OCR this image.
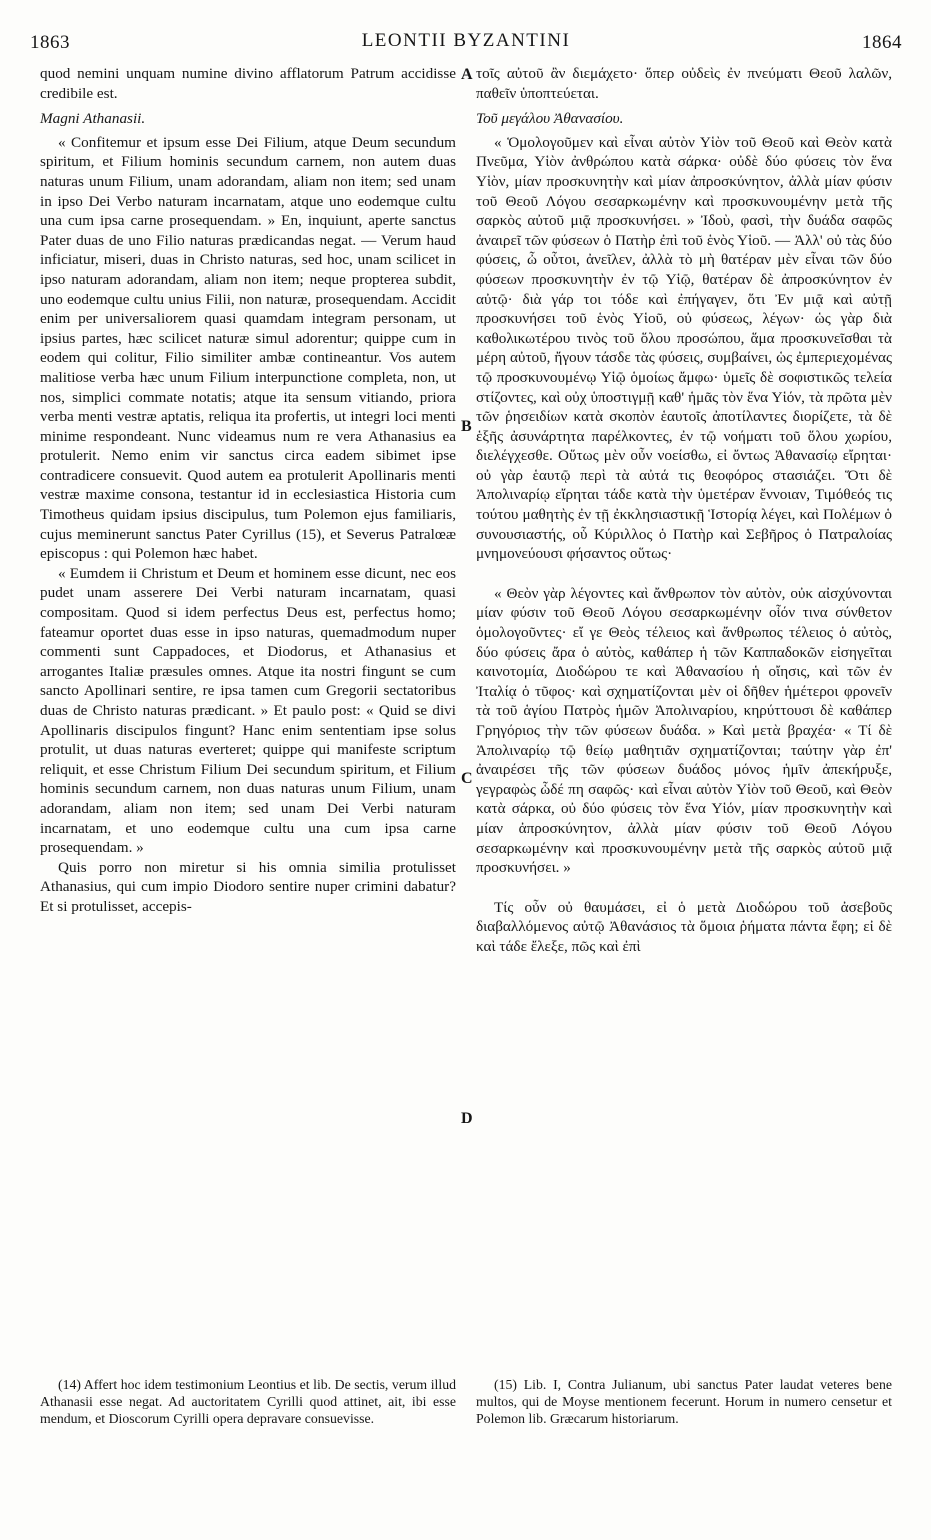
1863	LEONTII BYZANTINI	1864

quod nemini unquam numine divino afflatorum Patrum accidisse credibile est.

Magni Athanasii.

« Confitemur et ipsum esse Dei Filium, atque Deum secundum spiritum, et Filium hominis secundum carnem, non autem duas naturas unum Filium, unam adorandam, aliam non item; sed unam in ipso Dei Verbo naturam incarnatam, atque uno eodemque cultu una cum ipsa carne prosequendam. » En, inquiunt, aperte sanctus Pater duas de uno Filio naturas prædicandas negat. — Verum haud inficiatur, miseri, duas in Christo naturas, sed hoc, unam scilicet in ipso naturam adorandam, aliam non item; neque propterea subdit, uno eodemque cultu unius Filii, non naturæ, prosequendam. Accidit enim per universaliorem quasi quamdam integram personam, ut ipsius partes, hæc scilicet naturæ simul adorentur; quippe cum in eodem qui colitur, Filio similiter ambæ contineantur. Vos autem malitiose verba hæc unum Filium interpunctione completa, non, ut nos, simplici commate notatis; atque ita sensum vitiando, priora verba menti vestræ aptatis, reliqua ita profertis, ut integri loci menti minime respondeant. Nunc videamus num re vera Athanasius ea protulerit. Nemo enim vir sanctus circa eadem sibimet ipse contradicere consuevit. Quod autem ea protulerit Apollinaris menti vestræ maxime consona, testantur id in ecclesiastica Historia cum Timotheus quidam ipsius discipulus, tum Polemon ejus familiaris, cujus meminerunt sanctus Pater Cyrillus (15), et Severus Patralœæ episcopus : qui Polemon hæc habet.

« Eumdem ii Christum et Deum et hominem esse dicunt, nec eos pudet unam asserere Dei Verbi naturam incarnatam, quasi compositam. Quod si idem perfectus Deus est, perfectus homo; fateamur oportet duas esse in ipso naturas, quemadmodum nuper commenti sunt Cappadoces, et Diodorus, et Athanasius et arrogantes Italiæ præsules omnes. Atque ita nostri fingunt se cum sancto Apollinari sentire, re ipsa tamen cum Gregorii sectatoribus duas de Christo naturas prædicant. » Et paulo post: « Quid se divi Apollinaris discipulos fingunt? Hanc enim sententiam ipse solus protulit, ut duas naturas everteret; quippe qui manifeste scriptum reliquit, et esse Christum Filium Dei secundum spiritum, et Filium hominis secundum carnem, non duas naturas unum Filium, unam adorandam, aliam non item; sed unam Dei Verbi naturam incarnatam, et uno eodemque cultu una cum ipsa carne prosequendam. »

Quis porro non miretur si his omnia similia protulisset Athanasius, qui cum impio Diodoro sentire nuper crimini dabatur? Et si protulisset, accepis-

τοῖς αὐτοῦ ἂν διεμάχετο· ὅπερ οὐδεὶς ἐν πνεύματι Θεοῦ λαλῶν, παθεῖν ὑποπτεύεται.

Τοῦ μεγάλου Ἀθανασίου.

« Ὁμολογοῦμεν καὶ εἶναι αὐτὸν Υἱὸν τοῦ Θεοῦ καὶ Θεὸν κατὰ Πνεῦμα, Υἱὸν ἀνθρώπου κατὰ σάρκα· οὐδὲ δύο φύσεις τὸν ἕνα Υἱὸν, μίαν προσκυνητὴν καὶ μίαν ἀπροσκύνητον, ἀλλὰ μίαν φύσιν τοῦ Θεοῦ Λόγου σεσαρκωμένην καὶ προσκυνουμένην μετὰ τῆς σαρκὸς αὐτοῦ μιᾷ προσκυνήσει. » Ἰδοὺ, φασὶ, τὴν δυάδα σαφῶς ἀναιρεῖ τῶν φύσεων ὁ Πατὴρ ἐπὶ τοῦ ἑνὸς Υἱοῦ. — Ἀλλ' οὐ τὰς δύο φύσεις, ὦ οὗτοι, ἀνεῖλεν, ἀλλὰ τὸ μὴ θατέραν μὲν εἶναι τῶν δύο φύσεων προσκυνητὴν ἐν τῷ Υἱῷ, θατέραν δὲ ἀπροσκύνητον ἐν αὐτῷ· διὰ γάρ τοι τόδε καὶ ἐπήγαγεν, ὅτι Ἐν μιᾷ καὶ αὐτῇ προσκυνήσει τοῦ ἑνὸς Υἱοῦ, οὐ φύσεως, λέγων· ὡς γὰρ διὰ καθολικωτέρου τινὸς τοῦ ὅλου προσώπου, ἅμα προσκυνεῖσθαι τὰ μέρη αὐτοῦ, ἤγουν τάσδε τὰς φύσεις, συμβαίνει, ὡς ἐμπεριεχομένας τῷ προσκυνουμένῳ Υἱῷ ὁμοίως ἄμφω· ὑμεῖς δὲ σοφιστικῶς τελεία στίζοντες, καὶ οὐχ ὑποστιγμῇ καθ' ἡμᾶς τὸν ἕνα Υἱόν, τὰ πρῶτα μὲν τῶν ῥησειδίων κατὰ σκοπὸν ἑαυτοῖς ἀποτίλαντες διορίζετε, τὰ δὲ ἑξῆς ἀσυνάρτητα παρέλκοντες, ἐν τῷ νοήματι τοῦ ὅλου χωρίου, διελέγχεσθε. Οὕτως μὲν οὖν νοείσθω, εἰ ὄντως Ἀθανασίῳ εἴρηται· οὐ γὰρ ἑαυτῷ περὶ τὰ αὐτά τις θεοφόρος στασιάζει. Ὅτι δὲ Ἀπολιναρίῳ εἴρηται τάδε κατὰ τὴν ὑμετέραν ἔννοιαν, Τιμόθεός τις τούτου μαθητὴς ἐν τῇ ἐκκλησιαστικῇ Ἱστορίᾳ λέγει, καὶ Πολέμων ὁ συνουσιαστής, οὗ Κύριλλος ὁ Πατὴρ καὶ Σεβῆρος ὁ Πατραλοίας μνημονεύουσι φήσαντος οὕτως·

« Θεὸν γὰρ λέγοντες καὶ ἄνθρωπον τὸν αὐτὸν, οὐκ αἰσχύνονται μίαν φύσιν τοῦ Θεοῦ Λόγου σεσαρκωμένην οἷόν τινα σύνθετον ὁμολογοῦντες· εἴ γε Θεὸς τέλειος καὶ ἄνθρωπος τέλειος ὁ αὐτὸς, δύο φύσεις ἄρα ὁ αὐτὸς, καθάπερ ἡ τῶν Καππαδοκῶν εἰσηγεῖται καινοτομία, Διοδώρου τε καὶ Ἀθανασίου ἡ οἴησις, καὶ τῶν ἐν Ἰταλίᾳ ὁ τῦφος· καὶ σχηματίζονται μὲν οἱ δῆθεν ἡμέτεροι φρονεῖν τὰ τοῦ ἁγίου Πατρὸς ἡμῶν Ἀπολιναρίου, κηρύττουσι δὲ καθάπερ Γρηγόριος τὴν τῶν φύσεων δυάδα. » Καὶ μετὰ βραχέα· « Τί δὲ Ἀπολιναρίῳ τῷ θείῳ μαθητιᾶν σχηματίζονται; ταύτην γὰρ ἐπ' ἀναιρέσει τῆς τῶν φύσεων δυάδος μόνος ἡμῖν ἀπεκήρυξε, γεγραφὼς ὧδέ πη σαφῶς· καὶ εἶναι αὐτὸν Υἱὸν τοῦ Θεοῦ, καὶ Θεὸν κατὰ σάρκα, οὐ δύο φύσεις τὸν ἕνα Υἱόν, μίαν προσκυνητὴν καὶ μίαν ἀπροσκύνητον, ἀλλὰ μίαν φύσιν τοῦ Θεοῦ Λόγου σεσαρκωμένην καὶ προσκυνουμένην μετὰ τῆς σαρκὸς αὐτοῦ μιᾷ προσκυνήσει. »

Τίς οὖν οὐ θαυμάσει, εἰ ὁ μετὰ Διοδώρου τοῦ ἀσεβοῦς διαβαλλόμενος αὐτῷ Ἀθανάσιος τὰ ὅμοια ῥήματα πάντα ἔφη; εἰ δὲ καὶ τάδε ἔλεξε, πῶς καὶ ἐπὶ

A
B
C
D

(14) Affert hoc idem testimonium Leontius et lib. De sectis, verum illud Athanasii esse negat. Ad auctoritatem Cyrilli quod attinet, ait, ibi esse mendum, et Dioscorum Cyrilli opera depravare consuevisse.

(15) Lib. I, Contra Julianum, ubi sanctus Pater laudat veteres bene multos, qui de Moyse mentionem fecerunt. Horum in numero censetur et Polemon lib. Græcarum historiarum.
